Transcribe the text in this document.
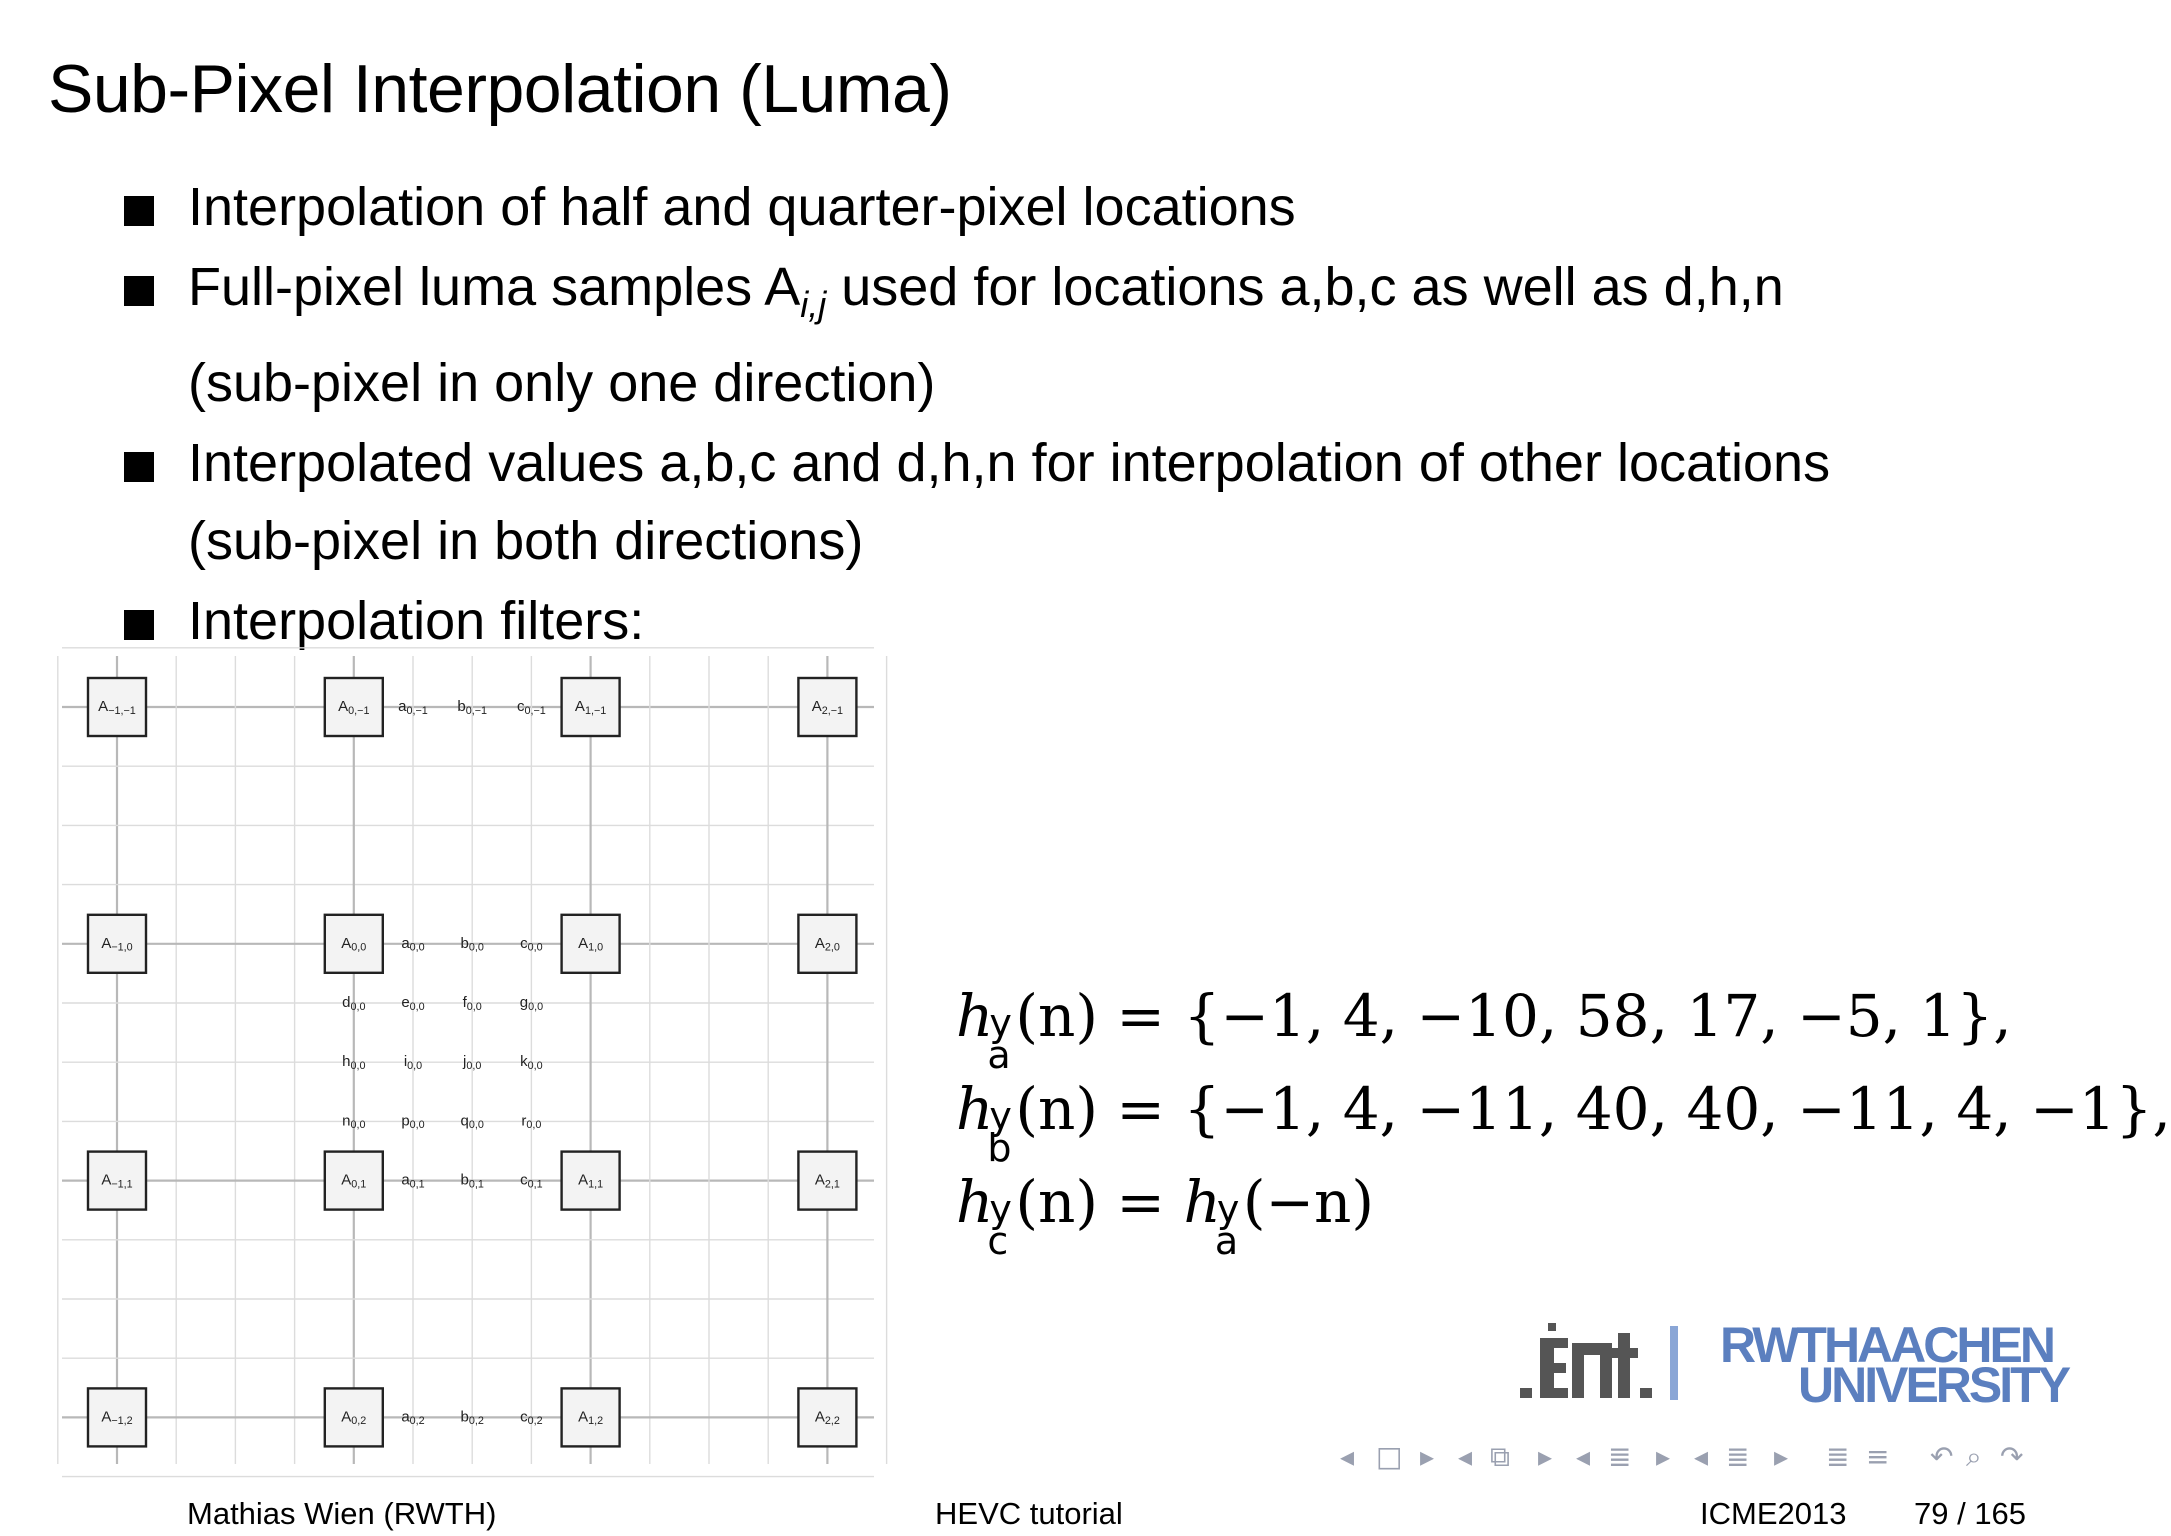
Sub-Pixel Interpolation (Luma)
Interpolation of half and quarter-pixel locations
Full-pixel luma samples $A_{i,j}$ used for locations a,b,c as well as d,h,n
(sub-pixel in only one direction)
Interpolated values a,b,c and d,h,n for interpolation of other locations
(sub-pixel in both directions)
Interpolation filters:
$A_{-1,-1}$	$A_{0,-1}$	$A_{1,-1}$	$A_{2,-1}$
$A_{-1,0}$	$A_{0,0}$	$A_{1,0}$	$A_{2,0}$
$A_{-1,1}$	$A_{0,1}$	$A_{1,1}$	$A_{2,1}$
$A_{-1,2}$	$A_{0,2}$	$A_{1,2}$	$A_{2,2}$
$a_{0,-1}$ $b_{0,-1}$ $c_{0,-1}$
$a_{0,0}$ $b_{0,0}$ $c_{0,0}$
$d_{0,0}$ $e_{0,0}$	$f_{0,0}$	$g_{0,0}$
$h_{0,0}$	$i_{0,0}$	$j_{0,0}$	$k_{0,0}$
$n_{0,0}$ $p_{0,0}$ $q_{0,0}$	$r_{0,0}$
$a_{0,1}$ $b_{0,1}$ $c_{0,1}$
$a_{0,2}$ $b_{0,2}$ $c_{0,2}$
h
y
a
(n) = {−1, 4, −10, 58, 17, −5, 1},
h
y
b
(n) = {−1, 4, −11, 40, 40, −11, 4, −1},
h
y
c
(n) = h
y
a
(−n)
RWTHAACHEN
UNIVERSITY
◂ □ ▸ ◂ ⧉ ▸ ◂ ≣ ▸ ◂ ≣ ▸ ≣ ≡ ↶ ⌕ ↷
Mathias Wien (RWTH)	HEVC tutorial	ICME2013 79 / 165
